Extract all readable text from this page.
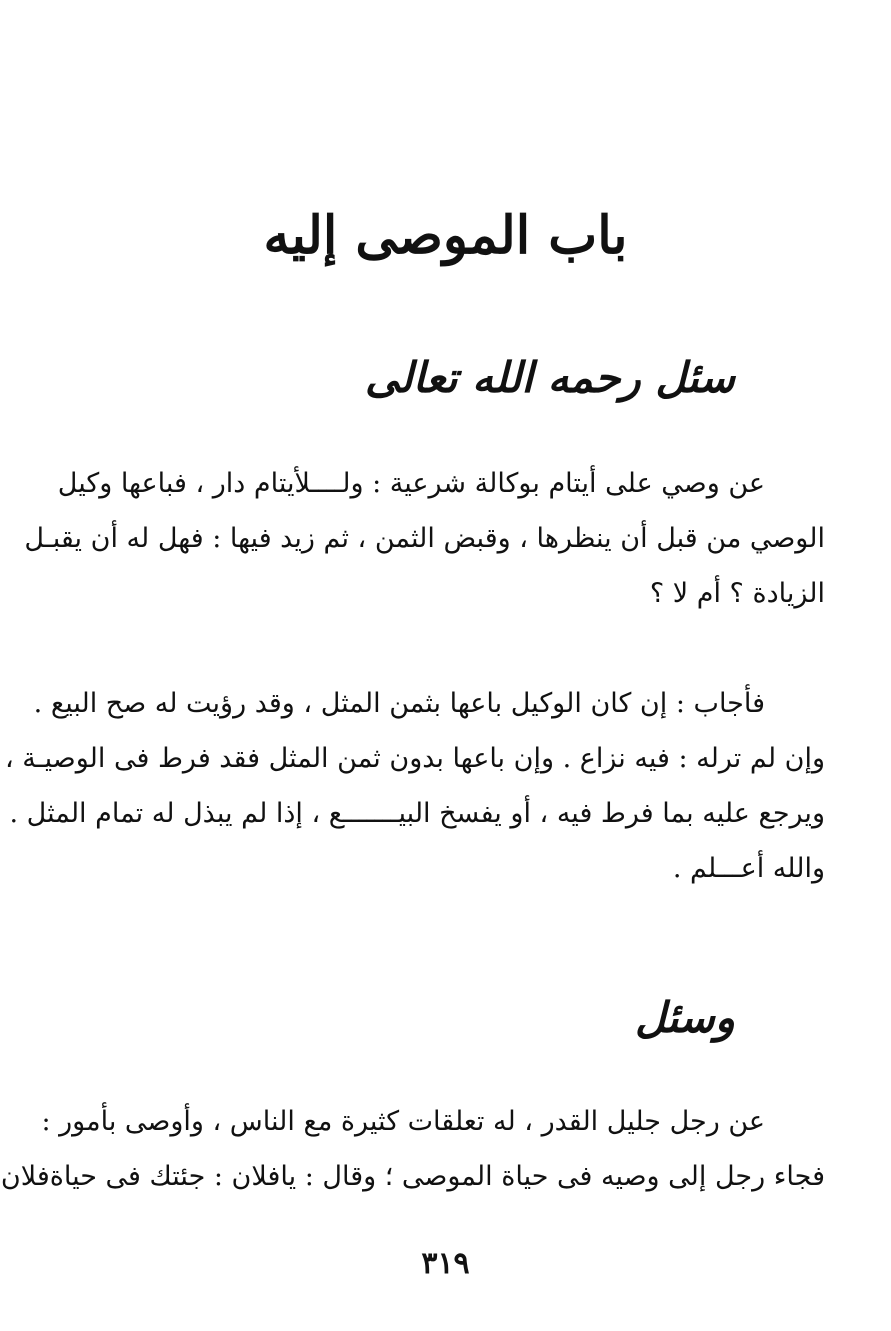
باب الموصى إليه
سئل رحمه الله تعالى

عن وصي على أيتام بوكالة شرعية : ولــــلأيتام دار ، فباعها وكيل
الوصي من قبل أن ينظرها ، وقبض الثمن ، ثم زيد فيها : فهل له أن يقبـل
الزيادة ؟ أم لا ؟

فأجاب : إن كان الوكيل باعها بثمن المثل ، وقد رؤيت له صح البيع .
وإن لم ترله : فيه نزاع . وإن باعها بدون ثمن المثل فقد فرط فى الوصيـة ،
ويرجع عليه بما فرط فيه ، أو يفسخ البيـــــــع ، إذا لم يبذل له تمام المثل .
والله أعـــلم .

وسئل

عن رجل جليل القدر ، له تعلقات كثيرة مع الناس ، وأوصى بأمور :
فجاء رجل إلى وصيه فى حياة الموصى ؛ وقال : يافلان : جئتك فى حياةفلان

٣١٩
